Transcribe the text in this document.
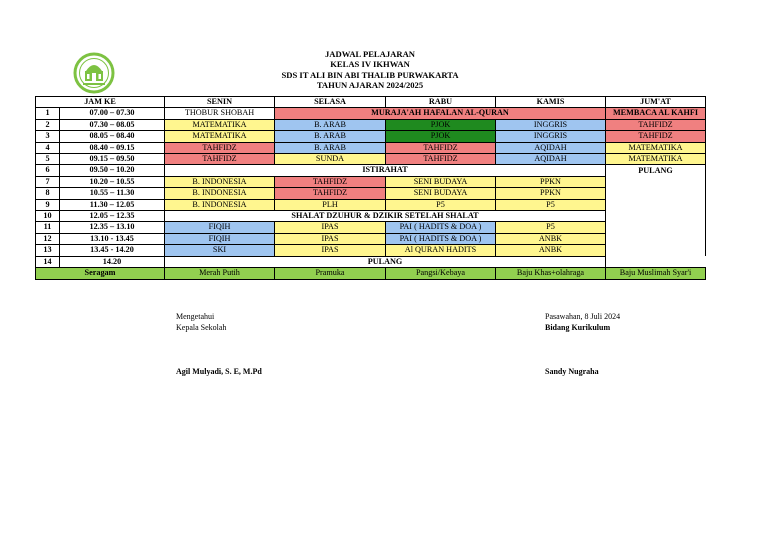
JADWAL PELAJARAN
KELAS IV IKHWAN
SDS IT ALI BIN ABI THALIB PURWAKARTA
TAHUN AJARAN 2024/2025
JAM KE		SENIN	SELASA	RABU	KAMIS	JUM'AT
1	07.00 – 07.30	THOBUR SHOBAH	MURAJA'AH HAFALAN AL-QURAN			MEMBACA AL KAHFI
2	07.30 – 08.05	MATEMATIKA	B. ARAB	PJOK	INGGRIS	TAHFIDZ
3	08.05 – 08.40	MATEMATIKA	B. ARAB	PJOK	INGGRIS	TAHFIDZ
4	08.40 – 09.15	TAHFIDZ	B. ARAB	TAHFIDZ	AQIDAH	MATEMATIKA
5	09.15 – 09.50	TAHFIDZ	SUNDA	TAHFIDZ	AQIDAH	MATEMATIKA
6	09.50 – 10.20	ISTIRAHAT				PULANG
7	10.20 – 10.55	B. INDONESIA	TAHFIDZ	SENI BUDAYA	PPKN	
8	10.55 – 11.30	B. INDONESIA	TAHFIDZ	SENI BUDAYA	PPKN	
9	11.30 – 12.05	B. INDONESIA	PLH	P5	P5	
10	12.05 – 12.35	SHALAT DZUHUR & DZIKIR SETELAH SHALAT				
11	12.35 – 13.10	FIQIH	IPAS	PAI ( HADITS & DOA )	P5	
12	13.10 - 13.45	FIQIH	IPAS	PAI ( HADITS & DOA )	ANBK	
13	13.45 - 14.20	SKI	IPAS	Al QURAN HADITS	ANBK	
14	14.20	PULANG				
Seragam		Merah Putih	Pramuka	Pangsi/Kebaya	Baju Khas+olahraga	Baju Muslimah Syar'i
Mengetahui
Kepala Sekolah
Agil Mulyadi, S. E, M.Pd
Pasawahan, 8 Juli 2024
Bidang Kurikulum
Sandy Nugraha
